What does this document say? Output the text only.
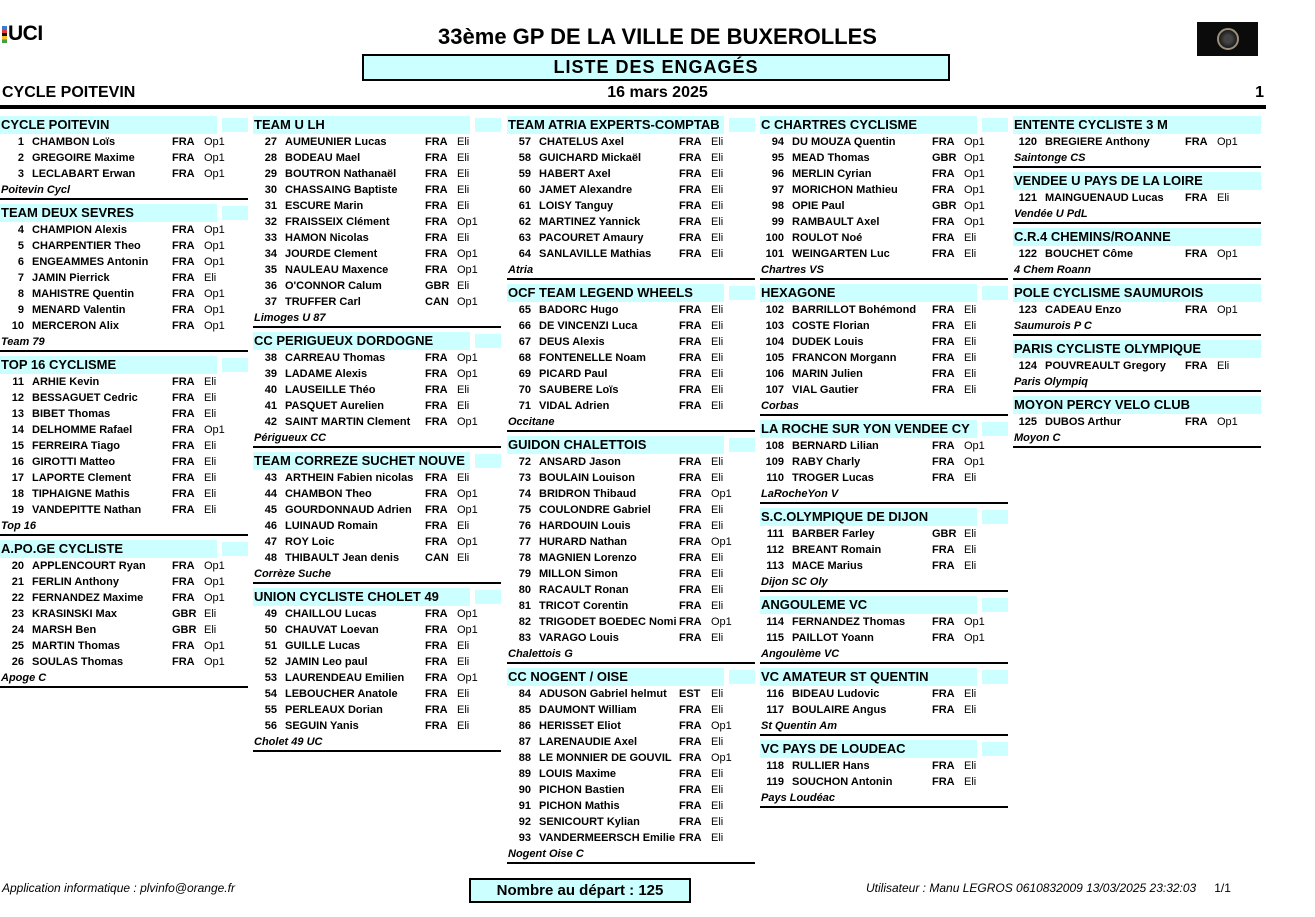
UCI	33ème GP DE LA VILLE DE BUXEROLLES
LISTE DES ENGAGÉS
CYCLE POITEVIN	16 mars 2025	1
CYCLE POITEVIN
1 CHAMBON Loïs	FRA Op1
2 GREGOIRE Maxime	FRA Op1
3 LECLABART Erwan	FRA Op1
Poitevin Cycl
TEAM DEUX SEVRES
4 CHAMPION Alexis	FRA Op1
5 CHARPENTIER Theo	FRA Op1
6 ENGEAMMES Antonin	FRA Op1
7 JAMIN Pierrick	FRA Eli
8 MAHISTRE Quentin	FRA Op1
9 MENARD Valentin	FRA Op1
10 MERCERON Alix	FRA Op1
Team 79
TOP 16 CYCLISME
11 ARHIE Kevin	FRA Eli
12 BESSAGUET Cedric	FRA Eli
13 BIBET Thomas	FRA Eli
14 DELHOMME Rafael	FRA Op1
15 FERREIRA Tiago	FRA Eli
16 GIROTTI Matteo	FRA Eli
17 LAPORTE Clement	FRA Eli
18 TIPHAIGNE Mathis	FRA Eli
19 VANDEPITTE Nathan	FRA Eli
Top 16
A.PO.GE CYCLISTE
20 APPLENCOURT Ryan	FRA Op1
21 FERLIN Anthony	FRA Op1
22 FERNANDEZ Maxime	FRA Op1
23 KRASINSKI Max	GBR Eli
24 MARSH Ben	GBR Eli
25 MARTIN Thomas	FRA Op1
26 SOULAS Thomas	FRA Op1
Apoge C
TEAM U LH
27 AUMEUNIER Lucas	FRA Eli
28 BODEAU Mael	FRA Eli
29 BOUTRON Nathanaël	FRA Eli
30 CHASSAING Baptiste	FRA Eli
31 ESCURE Marin	FRA Eli
32 FRAISSEIX Clément	FRA Op1
33 HAMON Nicolas	FRA Eli
34 JOURDE Clement	FRA Op1
35 NAULEAU Maxence	FRA Op1
36 O'CONNOR Calum	GBR Eli
37 TRUFFER Carl	CAN Op1
Limoges U 87
CC PERIGUEUX DORDOGNE
38 CARREAU Thomas	FRA Op1
39 LADAME Alexis	FRA Op1
40 LAUSEILLE Théo	FRA Eli
41 PASQUET Aurelien	FRA Eli
42 SAINT MARTIN Clement	FRA Op1
Périgueux CC
TEAM CORREZE SUCHET NOUVE
43 ARTHEIN Fabien nicolas	FRA Eli
44 CHAMBON Theo	FRA Op1
45 GOURDONNAUD Adrien	FRA Op1
46 LUINAUD Romain	FRA Eli
47 ROY Loic	FRA Op1
48 THIBAULT Jean denis	CAN Eli
Corrèze Suche
UNION CYCLISTE CHOLET 49
49 CHAILLOU Lucas	FRA Op1
50 CHAUVAT Loevan	FRA Op1
51 GUILLE Lucas	FRA Eli
52 JAMIN Leo paul	FRA Eli
53 LAURENDEAU Emilien	FRA Op1
54 LEBOUCHER Anatole	FRA Eli
55 PERLEAUX Dorian	FRA Eli
56 SEGUIN Yanis	FRA Eli
Cholet 49 UC
TEAM ATRIA EXPERTS-COMPTAB
57 CHATELUS Axel	FRA Eli
58 GUICHARD Mickaël	FRA Eli
59 HABERT Axel	FRA Eli
60 JAMET Alexandre	FRA Eli
61 LOISY Tanguy	FRA Eli
62 MARTINEZ Yannick	FRA Eli
63 PACOURET Amaury	FRA Eli
64 SANLAVILLE Mathias	FRA Eli
Atria
OCF TEAM LEGEND WHEELS
65 BADORC Hugo	FRA Eli
66 DE VINCENZI Luca	FRA Eli
67 DEUS Alexis	FRA Eli
68 FONTENELLE Noam	FRA Eli
69 PICARD Paul	FRA Eli
70 SAUBERE Loïs	FRA Eli
71 VIDAL Adrien	FRA Eli
Occitane
GUIDON CHALETTOIS
72 ANSARD Jason	FRA Eli
73 BOULAIN Louison	FRA Eli
74 BRIDRON Thibaud	FRA Op1
75 COULONDRE Gabriel	FRA Eli
76 HARDOUIN Louis	FRA Eli
77 HURARD Nathan	FRA Op1
78 MAGNIEN Lorenzo	FRA Eli
79 MILLON Simon	FRA Eli
80 RACAULT Ronan	FRA Eli
81 TRICOT Corentin	FRA Eli
82 TRIGODET BOEDEC Nomi FRA Op1
83 VARAGO Louis	FRA Eli
Chalettois G
CC NOGENT / OISE
84 ADUSON Gabriel helmut	EST Eli
85 DAUMONT William	FRA Eli
86 HERISSET Eliot	FRA Op1
87 LARENAUDIE Axel	FRA Eli
88 LE MONNIER DE GOUVIL FRA Op1
89 LOUIS Maxime	FRA Eli
90 PICHON Bastien	FRA Eli
91 PICHON Mathis	FRA Eli
92 SENICOURT Kylian	FRA Eli
93 VANDERMEERSCH Emilie FRA Eli
Nogent Oise C
C CHARTRES CYCLISME
94 DU MOUZA Quentin	FRA Op1
95 MEAD Thomas	GBR Op1
96 MERLIN Cyrian	FRA Op1
97 MORICHON Mathieu	FRA Op1
98 OPIE Paul	GBR Op1
99 RAMBAULT Axel	FRA Op1
100 ROULOT Noé	FRA Eli
101 WEINGARTEN Luc	FRA Eli
Chartres VS
HEXAGONE
102 BARRILLOT Bohémond	FRA Eli
103 COSTE Florian	FRA Eli
104 DUDEK Louis	FRA Eli
105 FRANCON Morgann	FRA Eli
106 MARIN Julien	FRA Eli
107 VIAL Gautier	FRA Eli
Corbas
LA ROCHE SUR YON VENDEE CY
108 BERNARD Lilian	FRA Op1
109 RABY Charly	FRA Op1
110 TROGER Lucas	FRA Eli
LaRocheYon V
S.C.OLYMPIQUE DE DIJON
111 BARBER Farley	GBR Eli
112 BREANT Romain	FRA Eli
113 MACE Marius	FRA Eli
Dijon SC Oly
ANGOULEME VC
114 FERNANDEZ Thomas	FRA Op1
115 PAILLOT Yoann	FRA Op1
Angoulème VC
VC AMATEUR ST QUENTIN
116 BIDEAU Ludovic	FRA Eli
117 BOULAIRE Angus	FRA Eli
St Quentin Am
VC PAYS DE LOUDEAC
118 RULLIER Hans	FRA Eli
119 SOUCHON Antonin	FRA Eli
Pays Loudéac
ENTENTE CYCLISTE 3 M
120 BREGIERE Anthony	FRA Op1
Saintonge CS
VENDEE U PAYS DE LA LOIRE
121 MAINGUENAUD Lucas	FRA Eli
Vendée U PdL
C.R.4 CHEMINS/ROANNE
122 BOUCHET Côme	FRA Op1
4 Chem Roann
POLE CYCLISME SAUMUROIS
123 CADEAU Enzo	FRA Op1
Saumurois P C
PARIS CYCLISTE OLYMPIQUE
124 POUVREAULT Gregory	FRA Eli
Paris Olympiq
MOYON PERCY VELO CLUB
125 DUBOS Arthur	FRA Op1
Moyon C
Application informatique : plvinfo@orange.fr	Nombre au départ : 125	Utilisateur : Manu LEGROS 0610832009 13/03/2025 23:32:03 1/1
